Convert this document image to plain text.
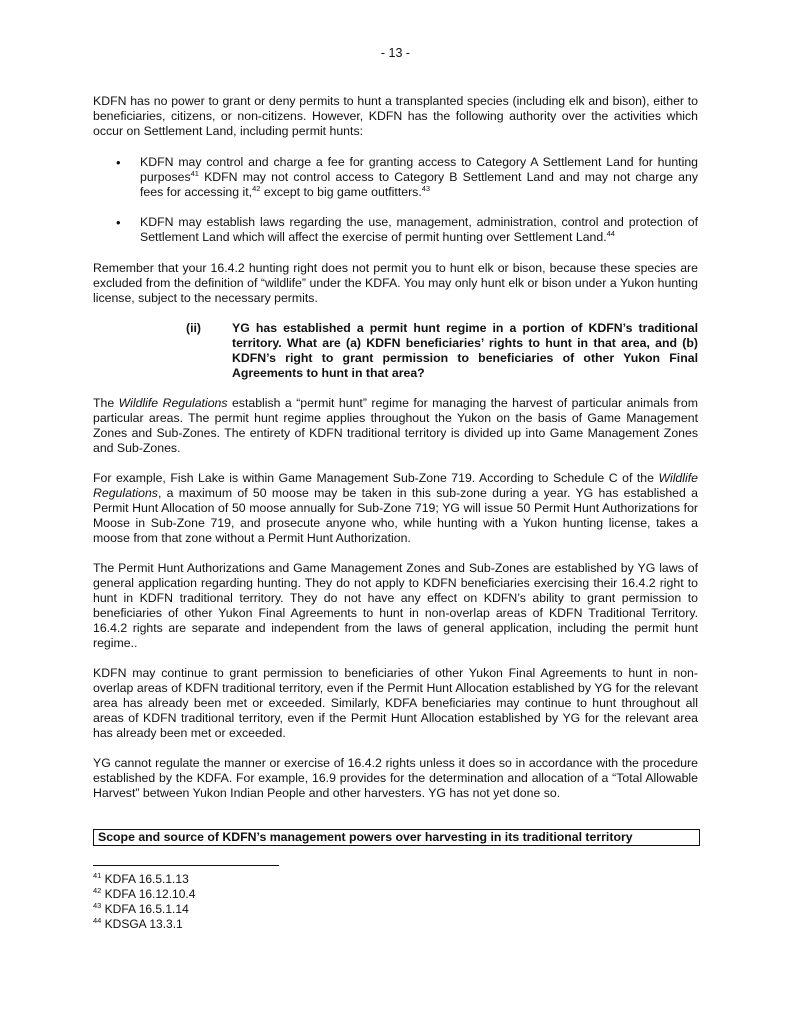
- 13 -

KDFN has no power to grant or deny permits to hunt a transplanted species (including elk and bison), either to beneficiaries, citizens, or non-citizens. However, KDFN has the following authority over the activities which occur on Settlement Land, including permit hunts:

•	KDFN may control and charge a fee for granting access to Category A Settlement Land for hunting purposes$^{41}$ KDFN may not control access to Category B Settlement Land and may not charge any fees for accessing it,$^{42}$ except to big game outfitters.$^{43}$
•	KDFN may establish laws regarding the use, management, administration, control and protection of Settlement Land which will affect the exercise of permit hunting over Settlement Land.$^{44}$

Remember that your 16.4.2 hunting right does not permit you to hunt elk or bison, because these species are excluded from the definition of “wildlife” under the KDFA. You may only hunt elk or bison under a Yukon hunting license, subject to the necessary permits.

(ii)	YG has established a permit hunt regime in a portion of KDFN’s traditional territory. What are (a) KDFN beneficiaries’ rights to hunt in that area, and (b) KDFN’s right to grant permission to beneficiaries of other Yukon Final Agreements to hunt in that area?

The Wildlife Regulations establish a “permit hunt” regime for managing the harvest of particular animals from particular areas. The permit hunt regime applies throughout the Yukon on the basis of Game Management Zones and Sub-Zones. The entirety of KDFN traditional territory is divided up into Game Management Zones and Sub-Zones.

For example, Fish Lake is within Game Management Sub-Zone 719. According to Schedule C of the Wildlife Regulations, a maximum of 50 moose may be taken in this sub-zone during a year. YG has established a Permit Hunt Allocation of 50 moose annually for Sub-Zone 719; YG will issue 50 Permit Hunt Authorizations for Moose in Sub-Zone 719, and prosecute anyone who, while hunting with a Yukon hunting license, takes a moose from that zone without a Permit Hunt Authorization.

The Permit Hunt Authorizations and Game Management Zones and Sub-Zones are established by YG laws of general application regarding hunting. They do not apply to KDFN beneficiaries exercising their 16.4.2 right to hunt in KDFN traditional territory. They do not have any effect on KDFN’s ability to grant permission to beneficiaries of other Yukon Final Agreements to hunt in non-overlap areas of KDFN Traditional Territory. 16.4.2 rights are separate and independent from the laws of general application, including the permit hunt regime..

KDFN may continue to grant permission to beneficiaries of other Yukon Final Agreements to hunt in non-overlap areas of KDFN traditional territory, even if the Permit Hunt Allocation established by YG for the relevant area has already been met or exceeded. Similarly, KDFA beneficiaries may continue to hunt throughout all areas of KDFN traditional territory, even if the Permit Hunt Allocation established by YG for the relevant area has already been met or exceeded.

YG cannot regulate the manner or exercise of 16.4.2 rights unless it does so in accordance with the procedure established by the KDFA. For example, 16.9 provides for the determination and allocation of a “Total Allowable Harvest” between Yukon Indian People and other harvesters. YG has not yet done so.

Scope and source of KDFN’s management powers over harvesting in its traditional territory
$^{41}$ KDFA 16.5.1.13
$^{42}$ KDFA 16.12.10.4
$^{43}$ KDFA 16.5.1.14
$^{44}$ KDSGA 13.3.1
